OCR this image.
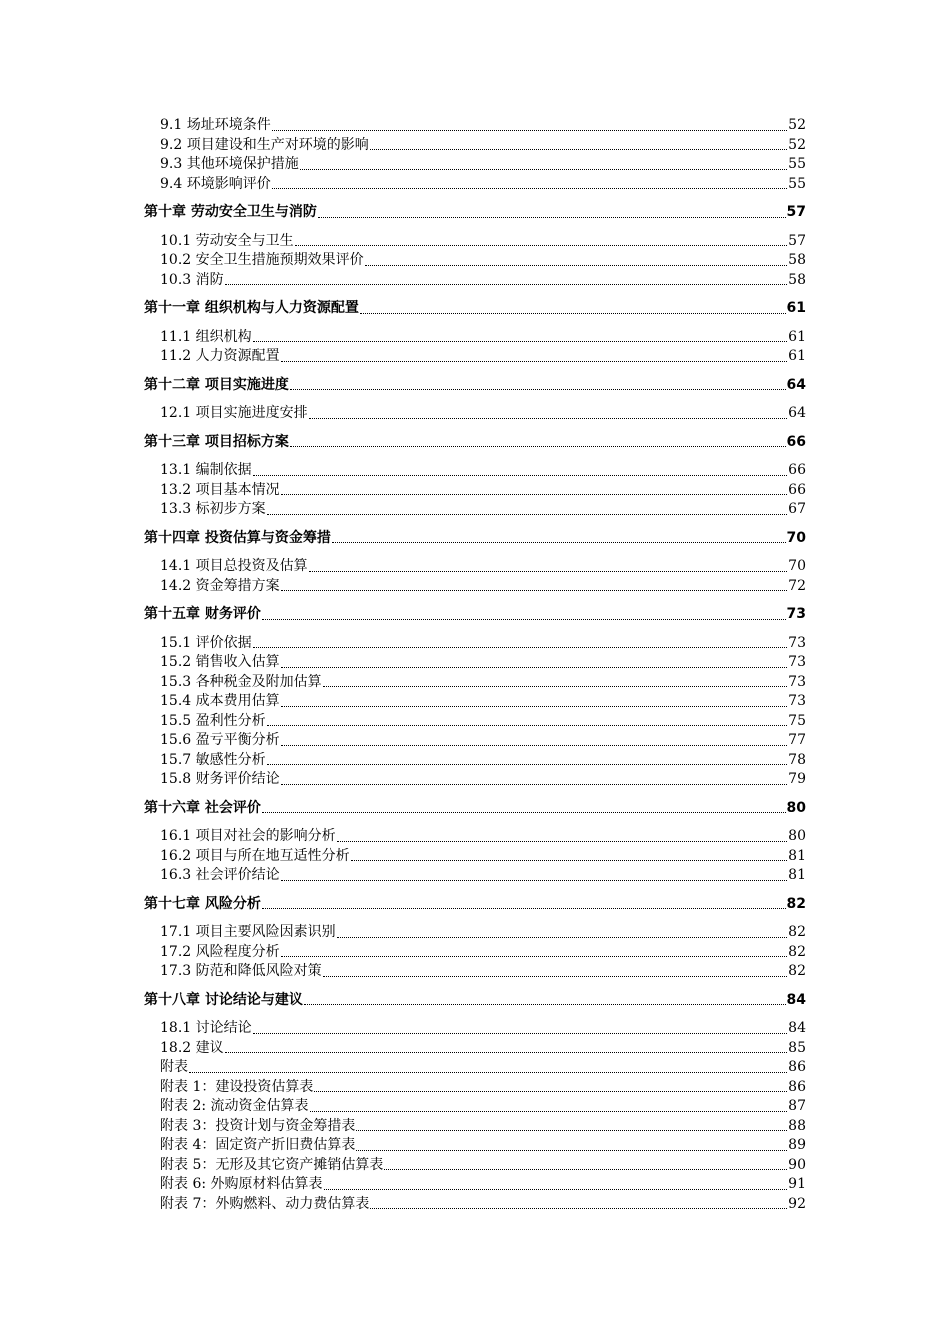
9.1 场址环境条件	52
9.2 项目建设和生产对环境的影响	52
9.3 其他环境保护措施	55
9.4 环境影响评价	55
第十章 劳动安全卫生与消防	57
10.1 劳动安全与卫生	57
10.2 安全卫生措施预期效果评价	58
10.3 消防	58
第十一章 组织机构与人力资源配置	61
11.1 组织机构	61
11.2 人力资源配置	61
第十二章 项目实施进度	64
12.1 项目实施进度安排	64
第十三章 项目招标方案	66
13.1 编制依据	66
13.2 项目基本情况	66
13.3 标初步方案	67
第十四章 投资估算与资金筹措	70
14.1 项目总投资及估算	70
14.2 资金筹措方案	72
第十五章 财务评价	73
15.1 评价依据	73
15.2 销售收入估算	73
15.3 各种税金及附加估算	73
15.4 成本费用估算	73
15.5 盈利性分析	75
15.6 盈亏平衡分析	77
15.7 敏感性分析	78
15.8 财务评价结论	79
第十六章 社会评价	80
16.1 项目对社会的影响分析	80
16.2 项目与所在地互适性分析	81
16.3 社会评价结论	81
第十七章 风险分析	82
17.1 项目主要风险因素识别	82
17.2 风险程度分析	82
17.3 防范和降低风险对策	82
第十八章 讨论结论与建议	84
18.1 讨论结论	84
18.2 建议	85
附表	86
附表 1：建设投资估算表	86
附表 2: 流动资金估算表	87
附表 3：投资计划与资金筹措表	88
附表 4：固定资产折旧费估算表	89
附表 5：无形及其它资产摊销估算表	90
附表 6: 外购原材料估算表	91
附表 7：外购燃料、动力费估算表	92
